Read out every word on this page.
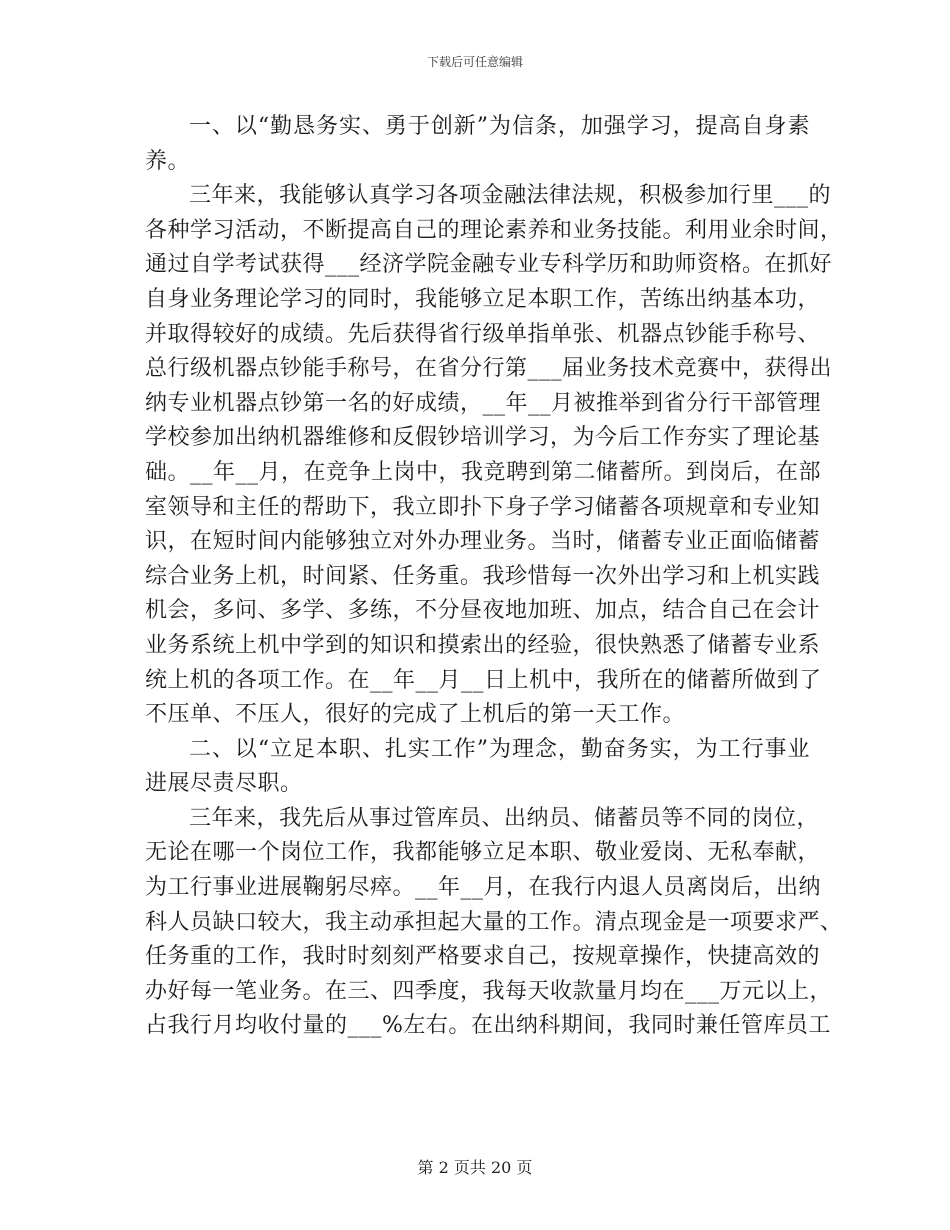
下载后可任意编辑
一、以“勤恳务实、勇于创新”为信条，加强学习，提高自身素
养。
三年来，我能够认真学习各项金融法律法规，积极参加行里___的
各种学习活动，不断提高自己的理论素养和业务技能。利用业余时间，
通过自学考试获得___经济学院金融专业专科学历和助师资格。在抓好
自身业务理论学习的同时，我能够立足本职工作，苦练出纳基本功，
并取得较好的成绩。先后获得省行级单指单张、机器点钞能手称号、
总行级机器点钞能手称号，在省分行第___届业务技术竞赛中，获得出
纳专业机器点钞第一名的好成绩，__年__月被推举到省分行干部管理
学校参加出纳机器维修和反假钞培训学习，为今后工作夯实了理论基
础。__年__月，在竞争上岗中，我竞聘到第二储蓄所。到岗后，在部
室领导和主任的帮助下，我立即扑下身子学习储蓄各项规章和专业知
识，在短时间内能够独立对外办理业务。当时，储蓄专业正面临储蓄
综合业务上机，时间紧、任务重。我珍惜每一次外出学习和上机实践
机会，多问、多学、多练，不分昼夜地加班、加点，结合自己在会计
业务系统上机中学到的知识和摸索出的经验，很快熟悉了储蓄专业系
统上机的各项工作。在__年__月__日上机中，我所在的储蓄所做到了
不压单、不压人，很好的完成了上机后的第一天工作。
二、以“立足本职、扎实工作”为理念，勤奋务实，为工行事业
进展尽责尽职。
三年来，我先后从事过管库员、出纳员、储蓄员等不同的岗位，
无论在哪一个岗位工作，我都能够立足本职、敬业爱岗、无私奉献，
为工行事业进展鞠躬尽瘁。__年__月，在我行内退人员离岗后，出纳
科人员缺口较大，我主动承担起大量的工作。清点现金是一项要求严、
任务重的工作，我时时刻刻严格要求自己，按规章操作，快捷高效的
办好每一笔业务。在三、四季度，我每天收款量月均在___万元以上，
占我行月均收付量的___%左右。在出纳科期间，我同时兼任管库员工
第 2 页共 20 页
